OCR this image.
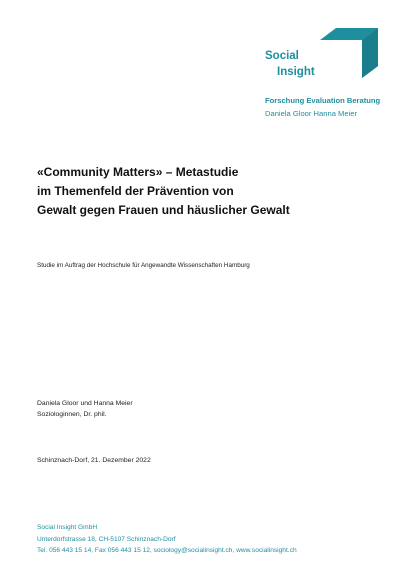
Social
Insight
Forschung Evaluation Beratung
Daniela Gloor Hanna Meier
«Community Matters» – Metastudie
im Themenfeld der Prävention von
Gewalt gegen Frauen und häuslicher Gewalt
Studie im Auftrag der Hochschule für Angewandte Wissenschaften Hamburg
Daniela Gloor und Hanna Meier
Soziologinnen, Dr. phil.
Schinznach-Dorf, 21. Dezember 2022
Social Insight GmbH
Unterdorfstrasse 18, CH-5107 Schinznach-Dorf
Tel. 056 443 15 14, Fax 056 443 15 12, sociology@socialinsight.ch, www.socialinsight.ch
